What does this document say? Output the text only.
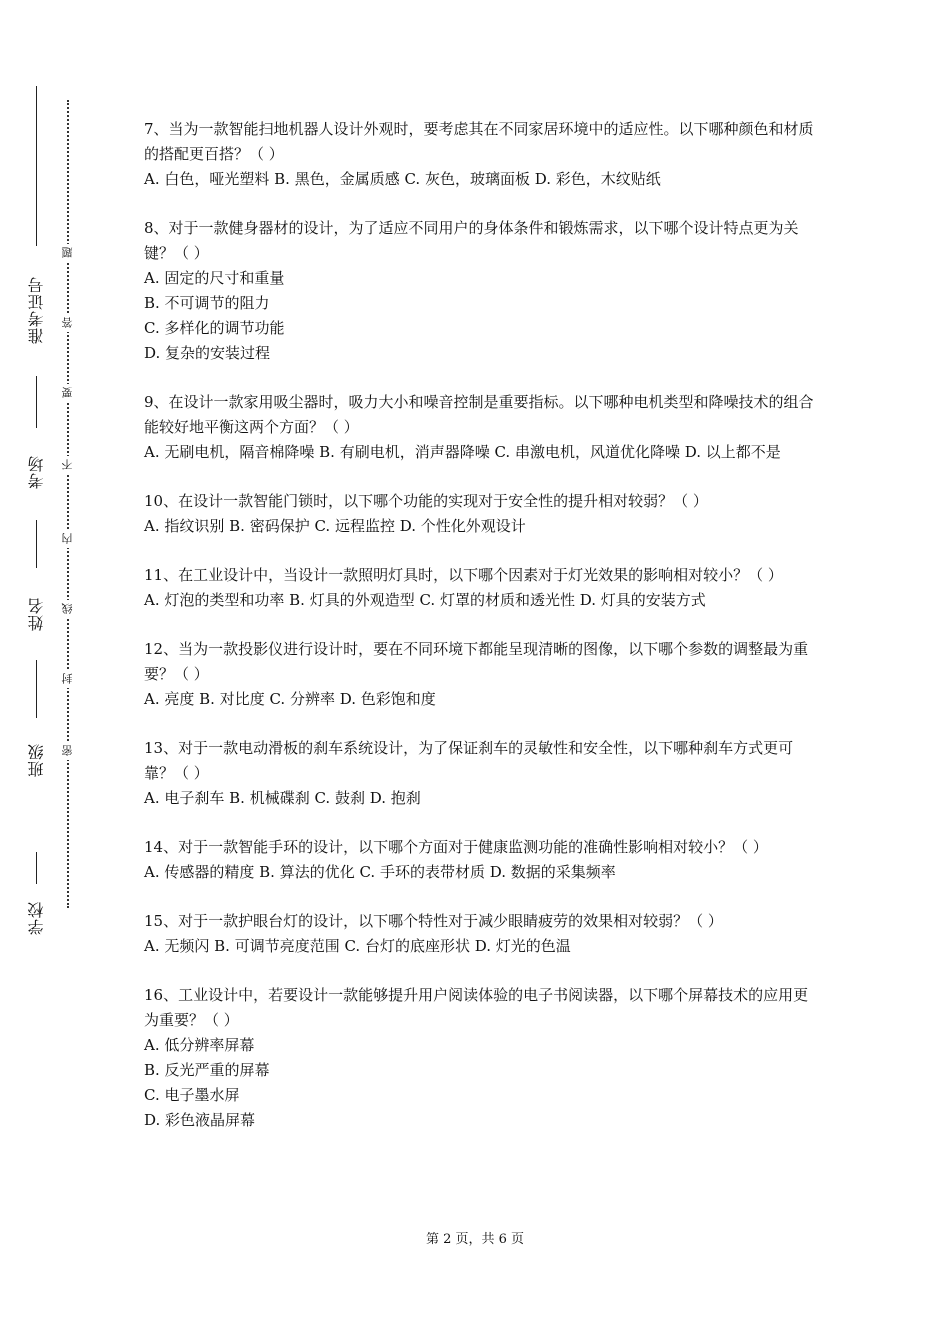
准考证号
考场
姓名
班级
学校
题
答
要
不
内
线
封
密

7、当为一款智能扫地机器人设计外观时，要考虑其在不同家居环境中的适应性。以下哪种颜色和材质的搭配更百搭？（ ）

A. 白色，哑光塑料 B. 黑色，金属质感 C. 灰色，玻璃面板 D. 彩色，木纹贴纸

8、对于一款健身器材的设计，为了适应不同用户的身体条件和锻炼需求，以下哪个设计特点更为关键？（ ）

A. 固定的尺寸和重量

B. 不可调节的阻力

C. 多样化的调节功能

D. 复杂的安装过程

9、在设计一款家用吸尘器时，吸力大小和噪音控制是重要指标。以下哪种电机类型和降噪技术的组合能较好地平衡这两个方面？（ ）

A. 无刷电机，隔音棉降噪 B. 有刷电机，消声器降噪 C. 串激电机，风道优化降噪 D. 以上都不是

10、在设计一款智能门锁时，以下哪个功能的实现对于安全性的提升相对较弱？（ ）

A. 指纹识别 B. 密码保护 C. 远程监控 D. 个性化外观设计

11、在工业设计中，当设计一款照明灯具时，以下哪个因素对于灯光效果的影响相对较小？（ ）

A. 灯泡的类型和功率 B. 灯具的外观造型 C. 灯罩的材质和透光性 D. 灯具的安装方式

12、当为一款投影仪进行设计时，要在不同环境下都能呈现清晰的图像，以下哪个参数的调整最为重要？（ ）

A. 亮度 B. 对比度 C. 分辨率 D. 色彩饱和度

13、对于一款电动滑板的刹车系统设计，为了保证刹车的灵敏性和安全性，以下哪种刹车方式更可靠？（ ）

A. 电子刹车 B. 机械碟刹 C. 鼓刹 D. 抱刹

14、对于一款智能手环的设计，以下哪个方面对于健康监测功能的准确性影响相对较小？（ ）

A. 传感器的精度 B. 算法的优化 C. 手环的表带材质 D. 数据的采集频率

15、对于一款护眼台灯的设计，以下哪个特性对于减少眼睛疲劳的效果相对较弱？（ ）

A. 无频闪 B. 可调节亮度范围 C. 台灯的底座形状 D. 灯光的色温

16、工业设计中，若要设计一款能够提升用户阅读体验的电子书阅读器，以下哪个屏幕技术的应用更为重要？（ ）

A. 低分辨率屏幕

B. 反光严重的屏幕

C. 电子墨水屏

D. 彩色液晶屏幕

第 2 页，共 6 页
